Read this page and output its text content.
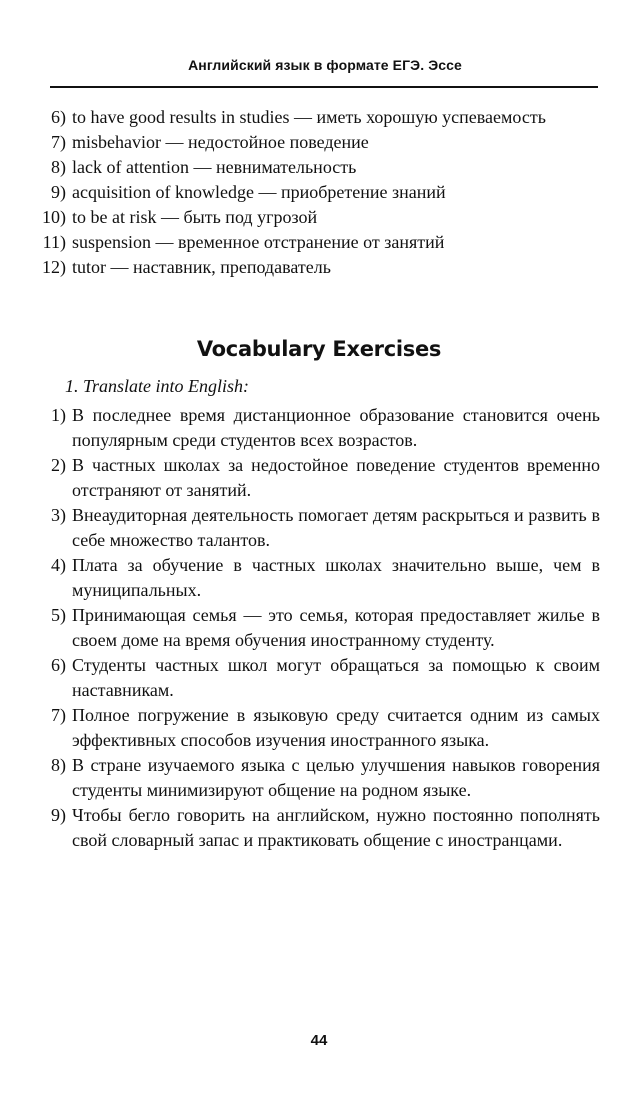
Английский язык в формате ЕГЭ. Эссе
6) to have good results in studies — иметь хорошую успеваемость
7) misbehavior — недостойное поведение
8) lack of attention — невнимательность
9) acquisition of knowledge — приобретение знаний
10) to be at risk — быть под угрозой
11) suspension — временное отстранение от занятий
12) tutor — наставник, преподаватель
Vocabulary Exercises
1. Translate into English:
1) В последнее время дистанционное образование становится очень популярным среди студентов всех возрастов.
2) В частных школах за недостойное поведение студентов временно отстраняют от занятий.
3) Внеаудиторная деятельность помогает детям раскрыться и развить в себе множество талантов.
4) Плата за обучение в частных школах значительно выше, чем в муниципальных.
5) Принимающая семья — это семья, которая предоставляет жилье в своем доме на время обучения иностранному студенту.
6) Студенты частных школ могут обращаться за помощью к своим наставникам.
7) Полное погружение в языковую среду считается одним из самых эффективных способов изучения иностранного языка.
8) В стране изучаемого языка с целью улучшения навыков говорения студенты минимизируют общение на родном языке.
9) Чтобы бегло говорить на английском, нужно постоянно пополнять свой словарный запас и практиковать общение с иностранцами.
44
